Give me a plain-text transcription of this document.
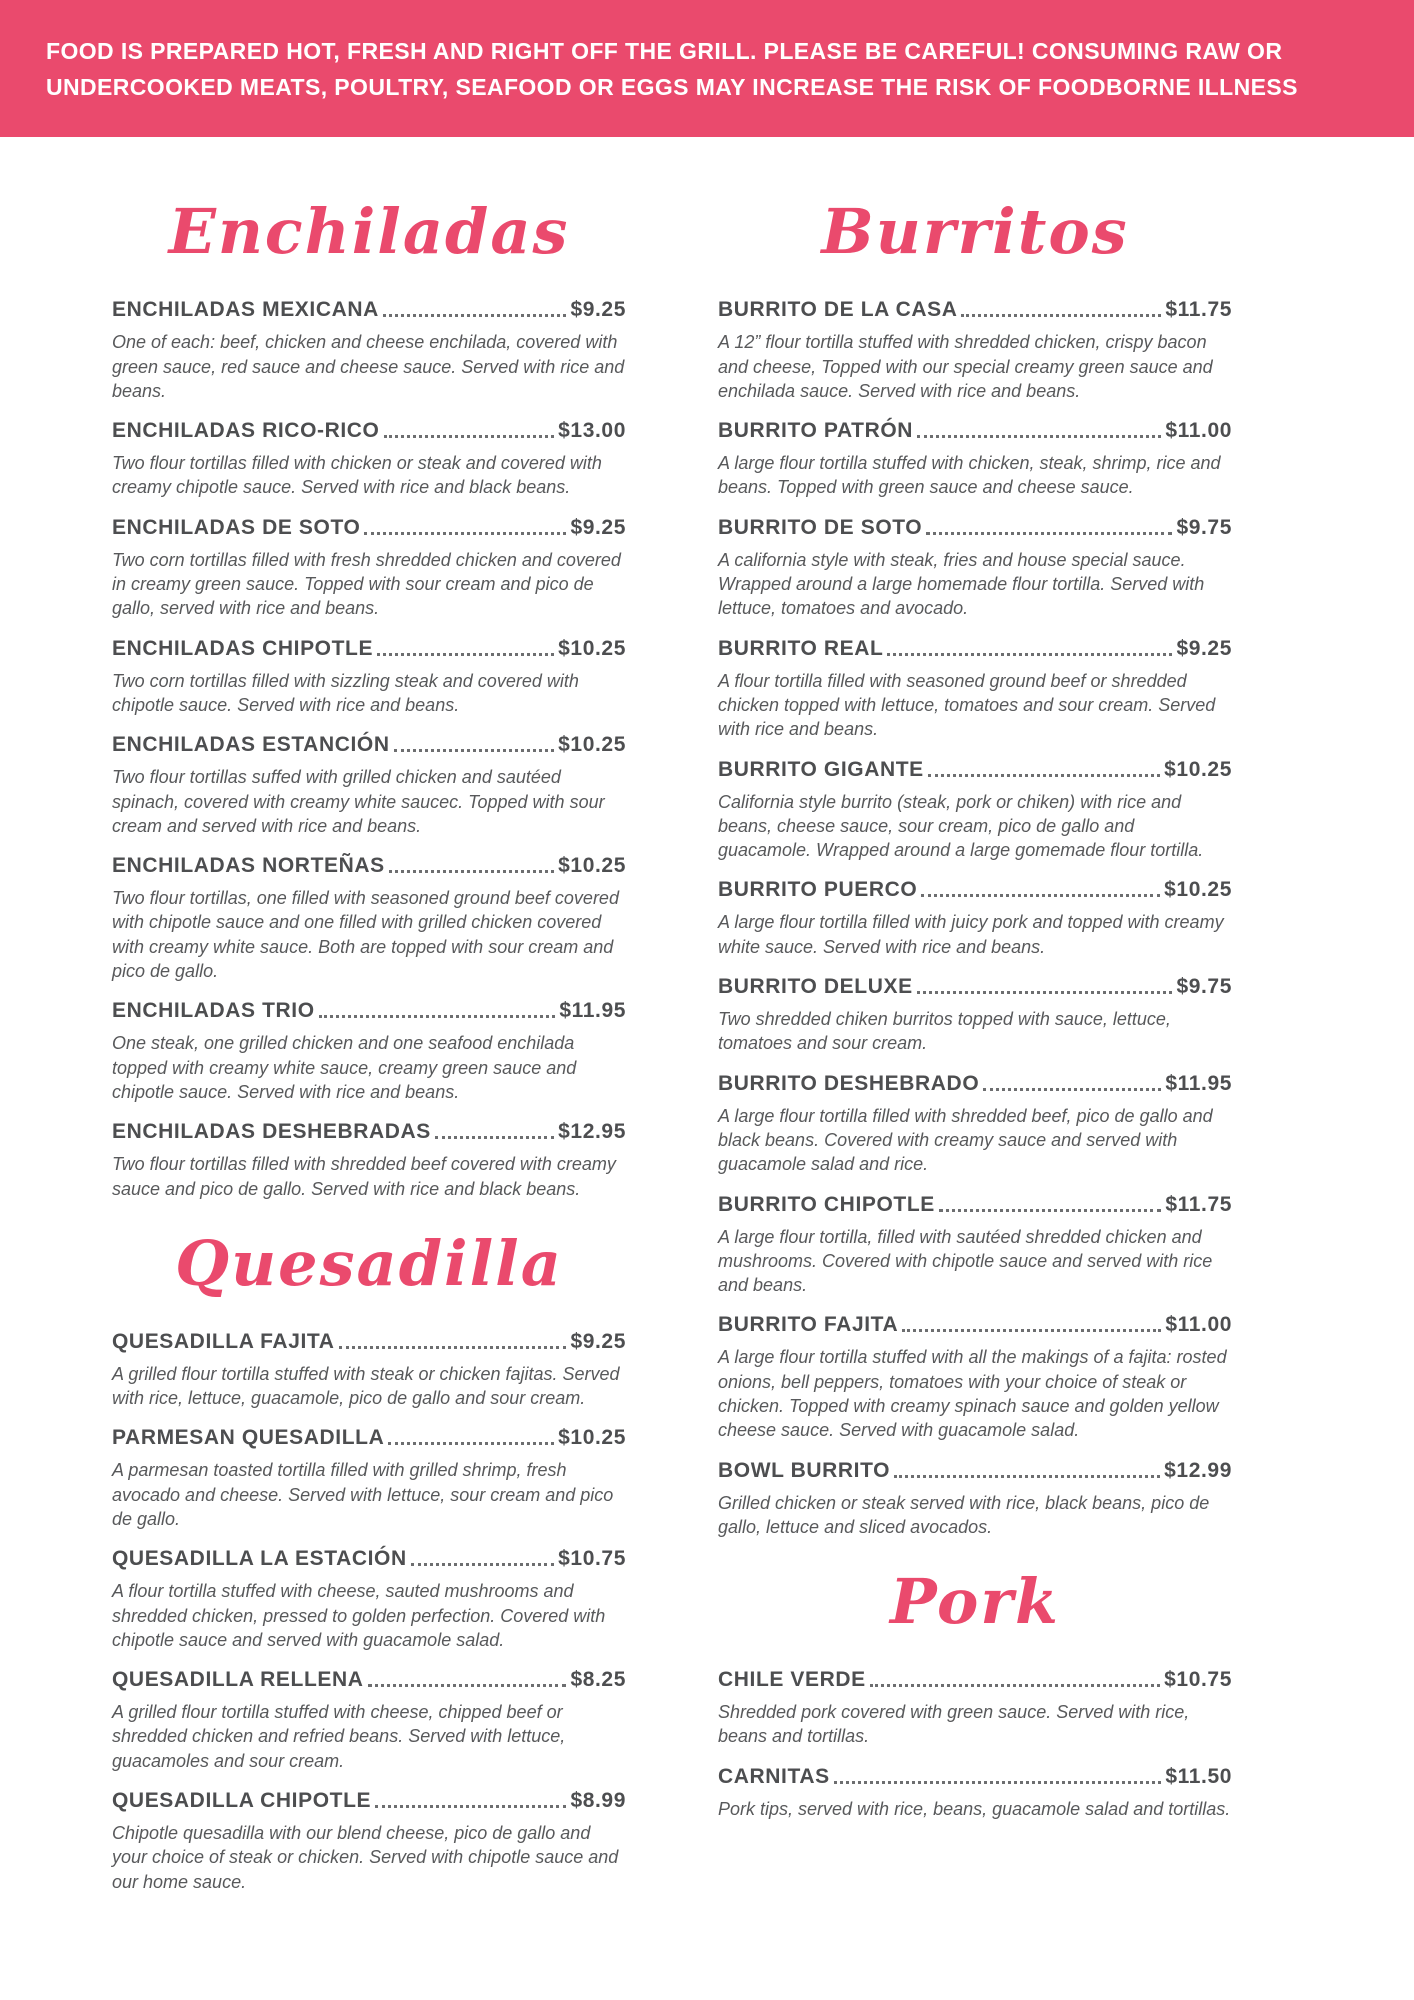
FOOD IS PREPARED HOT, FRESH AND RIGHT OFF THE GRILL. PLEASE BE CAREFUL! CONSUMING RAW OR
UNDERCOOKED MEATS, POULTRY, SEAFOOD OR EGGS MAY INCREASE THE RISK OF FOODBORNE ILLNESS
Enchiladas
ENCHILADAS MEXICANA	$9.25

One of each: beef, chicken and cheese enchilada, covered with green sauce, red sauce and cheese sauce. Served with rice and beans.

ENCHILADAS RICO-RICO	$13.00

Two flour tortillas filled with chicken or steak and covered with creamy chipotle sauce. Served with rice and black beans.

ENCHILADAS DE SOTO	$9.25

Two corn tortillas filled with fresh shredded chicken and covered in creamy green sauce. Topped with sour cream and pico de gallo, served with rice and beans.

ENCHILADAS CHIPOTLE	$10.25

Two corn tortillas filled with sizzling steak and covered with chipotle sauce. Served with rice and beans.

ENCHILADAS ESTANCIÓN	$10.25

Two flour tortillas suffed with grilled chicken and sautéed spinach, covered with creamy white saucec. Topped with sour cream and served with rice and beans.

ENCHILADAS NORTEÑAS	$10.25

Two flour tortillas, one filled with seasoned ground beef covered with chipotle sauce and one filled with grilled chicken covered with creamy white sauce. Both are topped with sour cream and pico de gallo.

ENCHILADAS TRIO	$11.95

One steak, one grilled chicken and one seafood enchilada topped with creamy white sauce, creamy green sauce and chipotle sauce. Served with rice and beans.

ENCHILADAS DESHEBRADAS	$12.95

Two flour tortillas filled with shredded beef covered with creamy sauce and pico de gallo. Served with rice and black beans.

Quesadilla
QUESADILLA FAJITA	$9.25

A grilled flour tortilla stuffed with steak or chicken fajitas. Served with rice, lettuce, guacamole, pico de gallo and sour cream.

PARMESAN QUESADILLA	$10.25

A parmesan toasted tortilla filled with grilled shrimp, fresh avocado and cheese. Served with lettuce, sour cream and pico de gallo.

QUESADILLA LA ESTACIÓN	$10.75

A flour tortilla stuffed with cheese, sauted mushrooms and shredded chicken, pressed to golden perfection. Covered with chipotle sauce and served with guacamole salad.

QUESADILLA RELLENA	$8.25

A grilled flour tortilla stuffed with cheese, chipped beef or shredded chicken and refried beans. Served with lettuce, guacamoles and sour cream.

QUESADILLA CHIPOTLE	$8.99

Chipotle quesadilla with our blend cheese, pico de gallo and your choice of steak or chicken. Served with chipotle sauce and our home sauce.

Burritos
BURRITO DE LA CASA	$11.75

A 12” flour tortilla stuffed with shredded chicken, crispy bacon and cheese, Topped with our special creamy green sauce and enchilada sauce. Served with rice and beans.

BURRITO PATRÓN	$11.00

A large flour tortilla stuffed with chicken, steak, shrimp, rice and beans. Topped with green sauce and cheese sauce.

BURRITO DE SOTO	$9.75

A california style with steak, fries and house special sauce. Wrapped around a large homemade flour tortilla. Served with lettuce, tomatoes and avocado.

BURRITO REAL	$9.25

A flour tortilla filled with seasoned ground beef or shredded chicken topped with lettuce, tomatoes and sour cream. Served with rice and beans.

BURRITO GIGANTE	$10.25

California style burrito (steak, pork or chiken) with rice and beans, cheese sauce, sour cream, pico de gallo and guacamole. Wrapped around a large gomemade flour tortilla.

BURRITO PUERCO	$10.25

A large flour tortilla filled with juicy pork and topped with creamy white sauce. Served with rice and beans.

BURRITO DELUXE	$9.75

Two shredded chiken burritos topped with sauce, lettuce, tomatoes and sour cream.

BURRITO DESHEBRADO	$11.95

A large flour tortilla filled with shredded beef, pico de gallo and black beans. Covered with creamy sauce and served with guacamole salad and rice.

BURRITO CHIPOTLE	$11.75

A large flour tortilla, filled with sautéed shredded chicken and mushrooms. Covered with chipotle sauce and served with rice and beans.

BURRITO FAJITA	$11.00

A large flour tortilla stuffed with all the makings of a fajita: rosted onions, bell peppers, tomatoes with your choice of steak or chicken. Topped with creamy spinach sauce and golden yellow cheese sauce. Served with guacamole salad.

BOWL BURRITO	$12.99

Grilled chicken or steak served with rice, black beans, pico de gallo, lettuce and sliced avocados.

Pork
CHILE VERDE	$10.75

Shredded pork covered with green sauce. Served with rice, beans and tortillas.

CARNITAS	$11.50

Pork tips, served with rice, beans, guacamole salad and tortillas.
